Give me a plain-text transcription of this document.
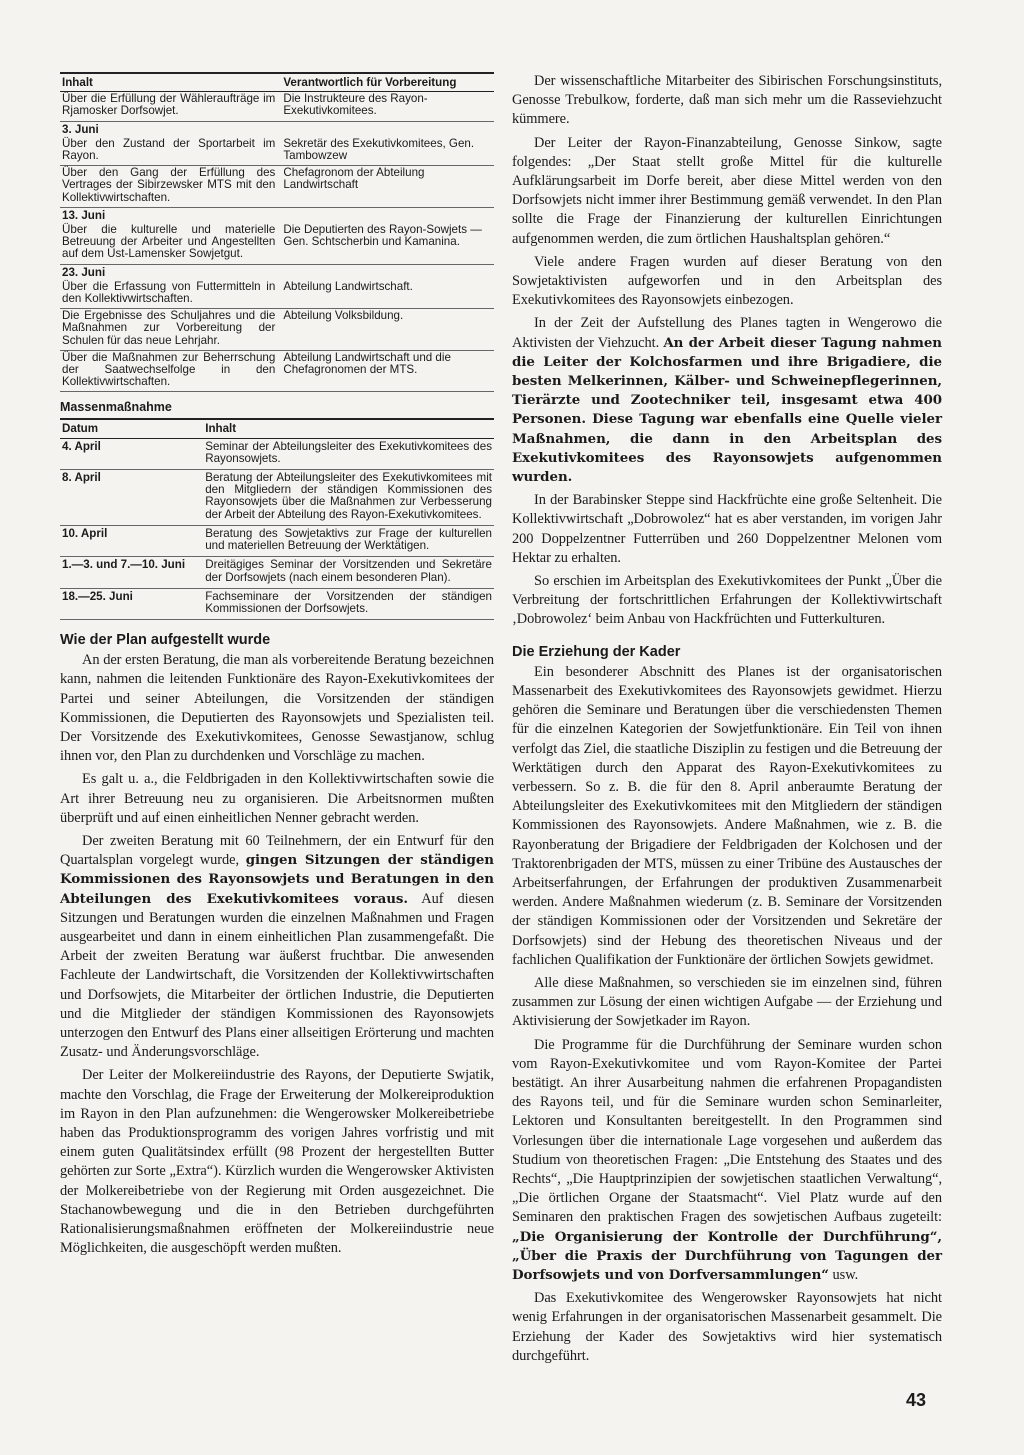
Inhalt	Verantwortlich für Vorbereitung
Über die Erfüllung der Wähleraufträge im Rjamosker Dorfsowjet.	Die Instrukteure des Rayon-Exekutivkomitees.
3. Juni	
Über den Zustand der Sportarbeit im Rayon.	Sekretär des Exekutivkomitees, Gen. Tambowzew
Über den Gang der Erfüllung des Vertrages der Sibirzewsker MTS mit den Kollektivwirtschaften.	Chefagronom der Abteilung Landwirtschaft
13. Juni	
Über die kulturelle und materielle Betreuung der Arbeiter und Angestellten auf dem Ust-Lamensker Sowjetgut.	Die Deputierten des Rayon-Sowjets — Gen. Schtscherbin und Kamanina.
23. Juni	
Über die Erfassung von Futtermitteln in den Kollektivwirtschaften.	Abteilung Landwirtschaft.
Die Ergebnisse des Schuljahres und die Maßnahmen zur Vorbereitung der Schulen für das neue Lehrjahr.	Abteilung Volksbildung.
Über die Maßnahmen zur Beherrschung der Saatwechselfolge in den Kollektivwirtschaften.	Abteilung Landwirtschaft und die Chefagronomen der MTS.
Massenmaßnahme
Datum	Inhalt
4. April	Seminar der Abteilungsleiter des Exekutivkomitees des Rayonsowjets.
8. April	Beratung der Abteilungsleiter des Exekutivkomitees mit den Mitgliedern der ständigen Kommissionen des Rayonsowjets über die Maßnahmen zur Verbesserung der Arbeit der Abteilung des Rayon-Exekutivkomitees.
10. April	Beratung des Sowjetaktivs zur Frage der kulturellen und materiellen Betreuung der Werktätigen.
1.—3. und 7.—10. Juni	Dreitägiges Seminar der Vorsitzenden und Sekretäre der Dorfsowjets (nach einem besonderen Plan).
18.—25. Juni	Fachseminare der Vorsitzenden der ständigen Kommissionen der Dorfsowjets.
Wie der Plan aufgestellt wurde

An der ersten Beratung, die man als vorbereitende Beratung bezeichnen kann, nahmen die leitenden Funktionäre des Rayon-Exekutivkomitees der Partei und seiner Abteilungen, die Vorsitzenden der ständigen Kommissionen, die Deputierten des Rayonsowjets und Spezialisten teil. Der Vorsitzende des Exekutivkomitees, Genosse Sewastjanow, schlug ihnen vor, den Plan zu durchdenken und Vorschläge zu machen.

Es galt u. a., die Feldbrigaden in den Kollektivwirtschaften sowie die Art ihrer Betreuung neu zu organisieren. Die Arbeitsnormen mußten überprüft und auf einen einheitlichen Nenner gebracht werden.

Der zweiten Beratung mit 60 Teilnehmern, der ein Entwurf für den Quartalsplan vorgelegt wurde, gingen Sitzungen der ständigen Kommissionen des Rayonsowjets und Beratungen in den Abteilungen des Exekutivkomitees voraus. Auf diesen Sitzungen und Beratungen wurden die einzelnen Maßnahmen und Fragen ausgearbeitet und dann in einem einheitlichen Plan zusammengefaßt. Die Arbeit der zweiten Beratung war äußerst fruchtbar. Die anwesenden Fachleute der Landwirtschaft, die Vorsitzenden der Kollektivwirtschaften und Dorfsowjets, die Mitarbeiter der örtlichen Industrie, die Deputierten und die Mitglieder der ständigen Kommissionen des Rayonsowjets unterzogen den Entwurf des Plans einer allseitigen Erörterung und machten Zusatz- und Änderungsvorschläge.

Der Leiter der Molkereiindustrie des Rayons, der Deputierte Swjatik, machte den Vorschlag, die Frage der Erweiterung der Molkereiproduktion im Rayon in den Plan aufzunehmen: die Wengerowsker Molkereibetriebe haben das Produktionsprogramm des vorigen Jahres vorfristig und mit einem guten Qualitätsindex erfüllt (98 Prozent der hergestellten Butter gehörten zur Sorte „Extra“). Kürzlich wurden die Wengerowsker Aktivisten der Molkereibetriebe von der Regierung mit Orden ausgezeichnet. Die Stachanowbewegung und die in den Betrieben durchgeführten Rationalisierungsmaßnahmen eröffneten der Molkereiindustrie neue Möglichkeiten, die ausgeschöpft werden mußten.

Der wissenschaftliche Mitarbeiter des Sibirischen Forschungsinstituts, Genosse Trebulkow, forderte, daß man sich mehr um die Rasseviehzucht kümmere.

Der Leiter der Rayon-Finanzabteilung, Genosse Sinkow, sagte folgendes: „Der Staat stellt große Mittel für die kulturelle Aufklärungsarbeit im Dorfe bereit, aber diese Mittel werden von den Dorfsowjets nicht immer ihrer Bestimmung gemäß verwendet. In den Plan sollte die Frage der Finanzierung der kulturellen Einrichtungen aufgenommen werden, die zum örtlichen Haushaltsplan gehören.“

Viele andere Fragen wurden auf dieser Beratung von den Sowjetaktivisten aufgeworfen und in den Arbeitsplan des Exekutivkomitees des Rayonsowjets einbezogen.

In der Zeit der Aufstellung des Planes tagten in Wengerowo die Aktivisten der Viehzucht. An der Arbeit dieser Tagung nahmen die Leiter der Kolchosfarmen und ihre Brigadiere, die besten Melkerinnen, Kälber- und Schweinepflegerinnen, Tierärzte und Zootechniker teil, insgesamt etwa 400 Personen. Diese Tagung war ebenfalls eine Quelle vieler Maßnahmen, die dann in den Arbeitsplan des Exekutivkomitees des Rayonsowjets aufgenommen wurden.

In der Barabinsker Steppe sind Hackfrüchte eine große Seltenheit. Die Kollektivwirtschaft „Dobrowolez“ hat es aber verstanden, im vorigen Jahr 200 Doppelzentner Futterrüben und 260 Doppelzentner Melonen vom Hektar zu erhalten.

So erschien im Arbeitsplan des Exekutivkomitees der Punkt „Über die Verbreitung der fortschrittlichen Erfahrungen der Kollektivwirtschaft ‚Dobrowolez‘ beim Anbau von Hackfrüchten und Futterkulturen.

Die Erziehung der Kader

Ein besonderer Abschnitt des Planes ist der organisatorischen Massenarbeit des Exekutivkomitees des Rayonsowjets gewidmet. Hierzu gehören die Seminare und Beratungen über die verschiedensten Themen für die einzelnen Kategorien der Sowjetfunktionäre. Ein Teil von ihnen verfolgt das Ziel, die staatliche Disziplin zu festigen und die Betreuung der Werktätigen durch den Apparat des Rayon-Exekutivkomitees zu verbessern. So z. B. die für den 8. April anberaumte Beratung der Abteilungsleiter des Exekutivkomitees mit den Mitgliedern der ständigen Kommissionen des Rayonsowjets. Andere Maßnahmen, wie z. B. die Rayonberatung der Brigadiere der Feldbrigaden der Kolchosen und der Traktorenbrigaden der MTS, müssen zu einer Tribüne des Austausches der Arbeitserfahrungen, der Erfahrungen der produktiven Zusammenarbeit werden. Andere Maßnahmen wiederum (z. B. Seminare der Vorsitzenden der ständigen Kommissionen oder der Vorsitzenden und Sekretäre der Dorfsowjets) sind der Hebung des theoretischen Niveaus und der fachlichen Qualifikation der Funktionäre der örtlichen Sowjets gewidmet.

Alle diese Maßnahmen, so verschieden sie im einzelnen sind, führen zusammen zur Lösung der einen wichtigen Aufgabe — der Erziehung und Aktivisierung der Sowjetkader im Rayon.

Die Programme für die Durchführung der Seminare wurden schon vom Rayon-Exekutivkomitee und vom Rayon-Komitee der Partei bestätigt. An ihrer Ausarbeitung nahmen die erfahrenen Propagandisten des Rayons teil, und für die Seminare wurden schon Seminarleiter, Lektoren und Konsultanten bereitgestellt. In den Programmen sind Vorlesungen über die internationale Lage vorgesehen und außerdem das Studium von theoretischen Fragen: „Die Entstehung des Staates und des Rechts“, „Die Hauptprinzipien der sowjetischen staatlichen Verwaltung“, „Die örtlichen Organe der Staatsmacht“. Viel Platz wurde auf den Seminaren den praktischen Fragen des sowjetischen Aufbaus zugeteilt: „Die Organisierung der Kontrolle der Durchführung“, „Über die Praxis der Durchführung von Tagungen der Dorfsowjets und von Dorfversammlungen“ usw.

Das Exekutivkomitee des Wengerowsker Rayonsowjets hat nicht wenig Erfahrungen in der organisatorischen Massenarbeit gesammelt. Die Erziehung der Kader des Sowjetaktivs wird hier systematisch durchgeführt.

43
